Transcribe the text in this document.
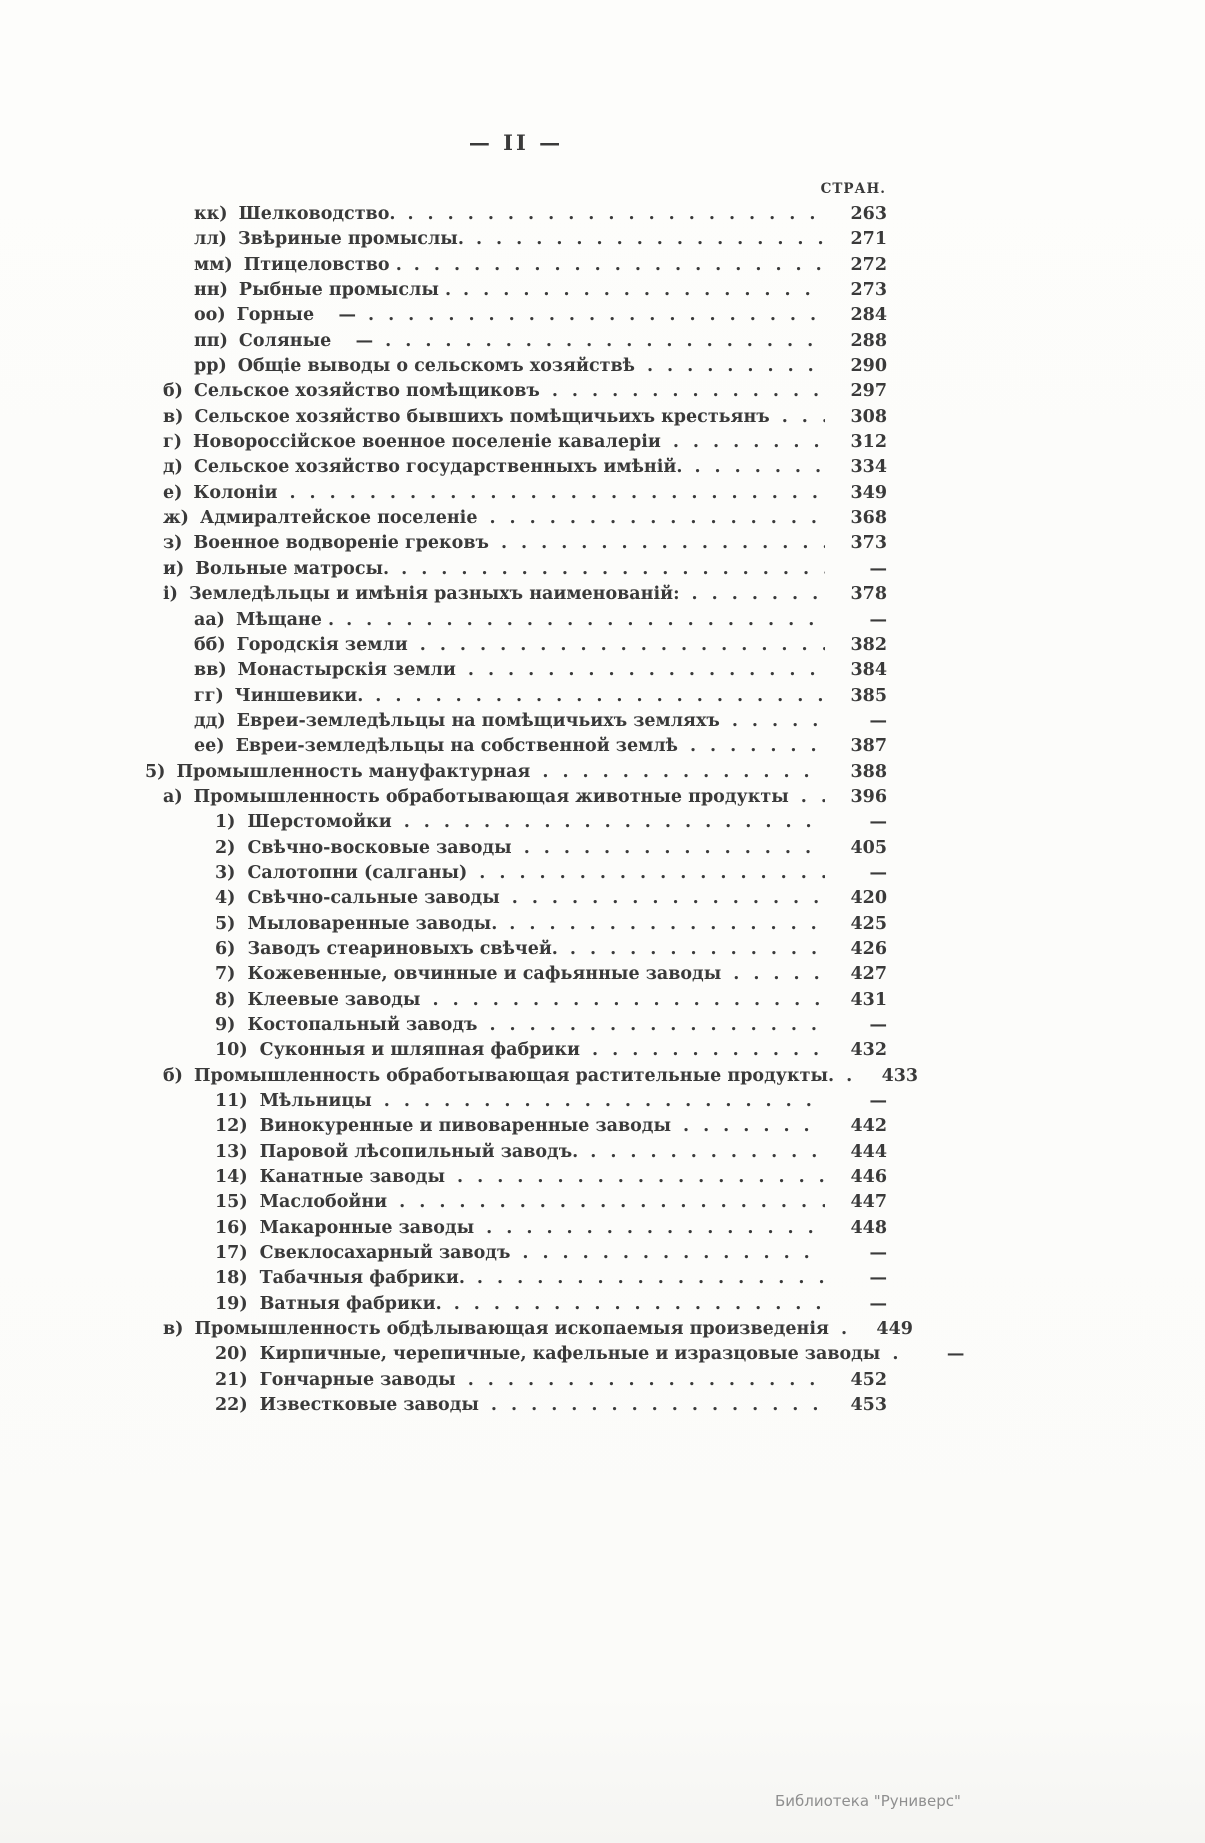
— II —
СТРАН.
кк) Шелководство. .....	263
лл) Звѣриные промыслы. .....	271
мм) Птицеловство . .....	272
нн) Рыбные промыслы . .....	273
оо) Горные    — .....	284
пп) Соляные    — .....	288
рр) Общіе выводы о сельскомъ хозяйствѣ .....	290
б) Сельское хозяйство помѣщиковъ .....	297
в) Сельское хозяйство бывшихъ помѣщичьихъ крестьянъ .....	308
г) Новороссійское военное поселеніе кавалеріи .....	312
д) Сельское хозяйство государственныхъ имѣній. .....	334
е) Колоніи .....	349
ж) Адмиралтейское поселеніе .....	368
з) Военное водвореніе грековъ .....	373
и) Вольные матросы. .....	—
і) Земледѣльцы и имѣнія разныхъ наименованій: .....	378
аа) Мѣщане . .....	—
бб) Городскія земли .....	382
вв) Монастырскія земли .....	384
гг) Чиншевики. .....	385
дд) Евреи-земледѣльцы на помѣщичьихъ земляхъ .....	—
ее) Евреи-земледѣльцы на собственной землѣ .....	387
5) Промышленность мануфактурная .....	388
а) Промышленность обработывающая животные продукты .....	396
1) Шерстомойки .....	—
2) Свѣчно-восковые заводы .....	405
3) Салотопни (салганы) .....	—
4) Свѣчно-сальные заводы .....	420
5) Мыловаренные заводы. .....	425
6) Заводъ стеариновыхъ свѣчей. .....	426
7) Кожевенные, овчинные и сафьянные заводы .....	427
8) Клеевые заводы .....	431
9) Костопальный заводъ .....	—
10) Суконныя и шляпная фабрики .....	432
б) Промышленность обработывающая растительные продукты. .....	433
11) Мѣльницы .....	—
12) Винокуренные и пивоваренные заводы .....	442
13) Паровой лѣсопильный заводъ. .....	444
14) Канатные заводы .....	446
15) Маслобойни .....	447
16) Макаронные заводы .....	448
17) Свеклосахарный заводъ .....	—
18) Табачныя фабрики. .....	—
19) Ватныя фабрики. .....	—
в) Промышленность обдѣлывающая ископаемыя произведенія .....	449
20) Кирпичные, черепичные, кафельные и изразцовые заводы .....	—
21) Гончарные заводы .....	452
22) Известковые заводы .....	453
Библиотека "Руниверс"
